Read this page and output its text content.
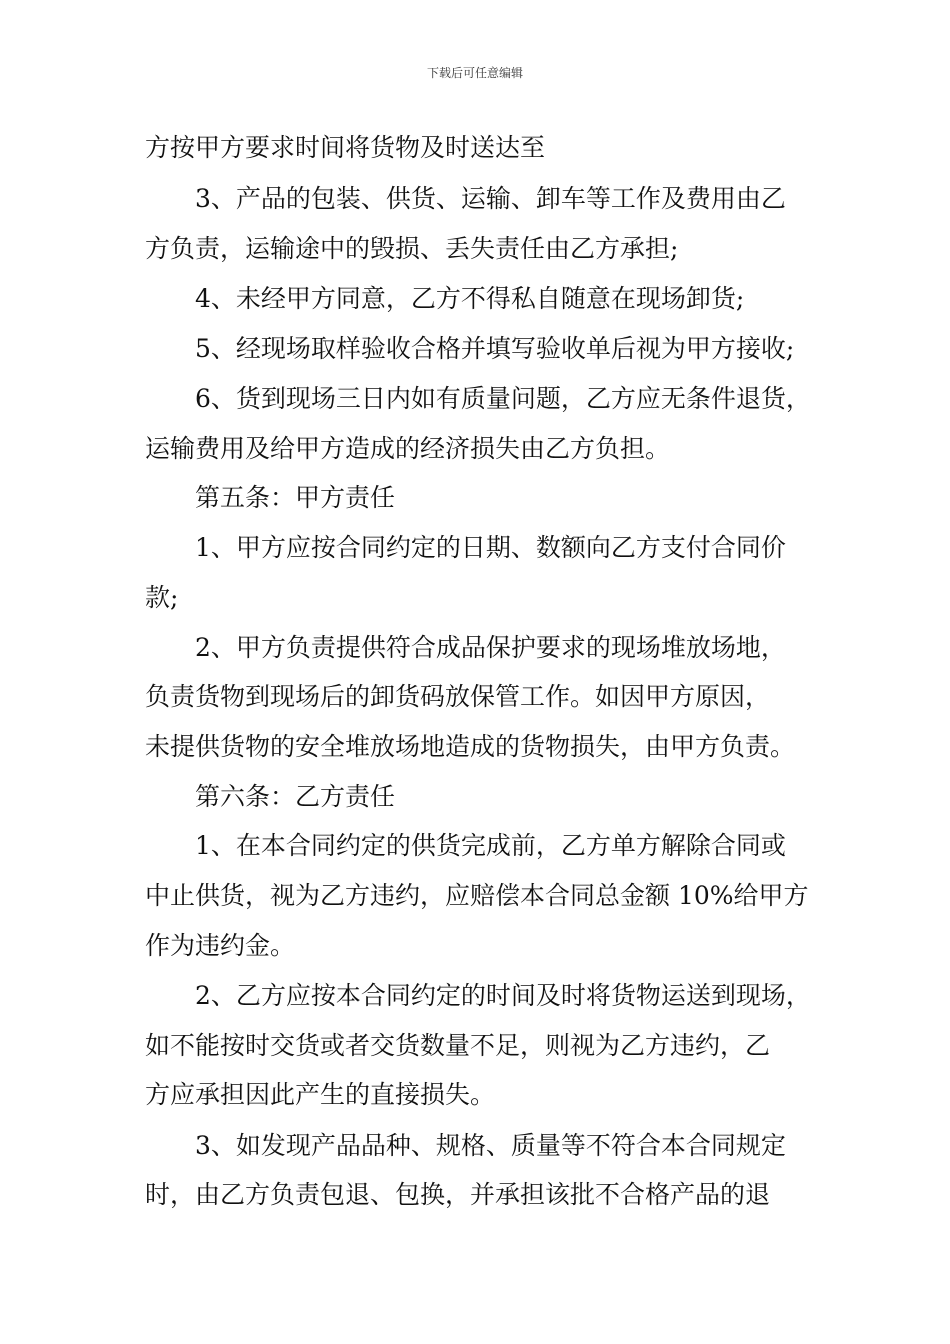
下载后可任意编辑
方按甲方要求时间将货物及时送达至
3、产品的包装、供货、运输、卸车等工作及费用由乙
方负责，运输途中的毁损、丢失责任由乙方承担;
4、未经甲方同意，乙方不得私自随意在现场卸货;
5、经现场取样验收合格并填写验收单后视为甲方接收;
6、货到现场三日内如有质量问题，乙方应无条件退货，
运输费用及给甲方造成的经济损失由乙方负担。
第五条：甲方责任
1、甲方应按合同约定的日期、数额向乙方支付合同价
款;
2、甲方负责提供符合成品保护要求的现场堆放场地，
负责货物到现场后的卸货码放保管工作。如因甲方原因，
未提供货物的安全堆放场地造成的货物损失，由甲方负责。
第六条：乙方责任
1、在本合同约定的供货完成前，乙方单方解除合同或
中止供货，视为乙方违约，应赔偿本合同总金额 10%给甲方
作为违约金。
2、乙方应按本合同约定的时间及时将货物运送到现场，
如不能按时交货或者交货数量不足，则视为乙方违约，乙
方应承担因此产生的直接损失。
3、如发现产品品种、规格、质量等不符合本合同规定
时，由乙方负责包退、包换，并承担该批不合格产品的退
